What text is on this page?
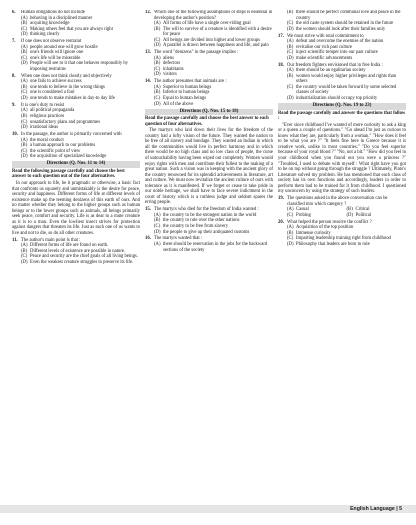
6.	Human obligations do not include
(A) behaving in a disciplined manner
(B) acquiring knowledge
(C) Making others feel that you are always right
(D) thinking clearly
7.	If one does not observe restraint
(A) people around one will grow hostile
(B) one's friends will ignore one
(C) one's life will be miserable
(D) People will see to it that one behaves responsibly by imposing restraints
8.	When one does not think clearly and objectively
(A) one fails to achieve success
(B) one tends to believe in the wrong things
(C) one is considered a fool
(D) one tends to make mistakes in day-to day life
9.	It is one's duty to resist
(A) all political propaganda
(B) religious practices
(C) unsatisfactory plans and programmes
(D) irrational ideas
10. In the passage, the author is primarily concerned with
(A) the moral conduct
(B) a human approach to our problems
(C) the scientific point of view
(D) the acquisition of specialized knowledge
Directions (Q. Nos. 11 to 14)
Read the following passage carefully and choose the best answer to each question out of the four alternatives.

In our approach to life, be it pragmatic or otherwise, a basic fact that confronts us squarely and unmistakably is the desire for peace, security and happiness. Different forms of life at different levels of existence make up the teeming denizens of this earth of ours. And no matter whether they belong to the higher groups such as human beings or to the lower groups such as animals, all beings primarily seek peace, comfort and security. Life is as dear to a mute creature as it is to a man. Even the lowliest insect strives for protection against dangers that threaten its life. Just as each one of us wants to live and not to die, so do all other creatures.

11. The author's main point is that :
(A) Different forms of life are found on earth.
(B) Different levels of existence are possible in nature.
(C) Peace and security are the chief goals of all living beings.
(D) Even the weakest creature struggles to preserve its life.
12. Which one of the following assumptions or steps is essential in developing the author's position?
(A) All forms of life have a single over-riding goal
(B) The will to survive of a creature is identified with a desire for peace
(C) All beings are divided into higher and lower groups
(D) A parallel is drawn between happiness and life, and pain
13. The word "denizens" in the passage implies :
(A) aliens
(B) defectors
(C) inhabitants
(D) visitors
14. The author presumes that animals are :
(A) Superior to human beings
(B) Inferior to human beings
(C) Equal to human beings
(D) All of the above
Directions (Q. Nos. 15 to 18)
Read the passage carefully and choose the best answer to each question of four alternatives.

The martyrs who laid down their lives for the freedom of the country had a lofty vision of the future. They wanted the nation to be free of all slavery and bondage. They wanted an Indian in which all the communities would live in perfect harmony and in which there would be no high class and no low class of people, the curse of untouchability having been wiped out completely. Women would enjoy rights with men and contribute their fullest to the making of a great nation. Such a vision was in keeping with the ancient glory of the country renowned for its splendid achievements in literature, art and culture. We must now revitalize the ancient culture of ours with tolerance as it is manifested. If we forget or cease to take pride in our noble heritage, we shall have to face severe indictment in the court of history which is a ruthless judge and seldom spares the erring people.

15. The martyrs who died for the freedom of India wanted :
(A) the country to be the strongest nation in the world
(B) the country to rule over the other nations
(C) the country to be free from slavery
(D) the people to give up their antiquated customs
16. The martyrs wanted that :
(A) there should be reservation in the jobs for the backward sections of the society
(B) there should be perfect communal love and peace in the country
(C) the old caste system should be retained in the future
(D) the women should look after their families only
17. We must strive with total commitment to
(A) defeat and overcome the enemies of the nation
(B) revitalise our rich past culture
(C) inject scientific temper into our past culture
(D) make scientific advancements
18. Our freedom fighters envisioned that in free India :
(A) there should be an egalitarian society
(B) women would enjoy higher privileges and rights than others
(C) the country would be taken forward by some selected classes of society
(D) industrialization should occupy top priority
Directions (Q. Nos. 19 to 23)
Read the passage carefully and answer the questions that follow :

"Ever since childhood I've wanted of more curiosity to ask a king or a queen a couple of questions." "Go ahead I'm just as curious to know what they are, particularly from a woman." "How does it feel to be what you are ?" "It feels fine here in Greece because it is creative work, unlike in most countries." "Do you feel superior because of your royal blood ?" "No, not a bit." "How did you feel in your childhood when you found out you were a princess ?" "Troubled, I used to debate with myself : What right have you got to be on top without going through the struggle ? Ultimately, Plato's Literature solved my problem. He has mentioned that each class of society has its own functions and accordingly, leaders in order to perform them had to be trained for it from childhood. I questioned my unconcern by using the strategy of such leaders.

19. The questions asked in the above conversation can be classified into which category ?
(A) Casual	(B) Critical
(C) Probing	(D) Political
20. What helped the person resolve the conflict ?
(A) Acquisition of the top position
(B) Immense curiosity
(C) Imparting leadership training right from childhood
(D) Philosophy that leaders are born to rule
English Language | 5
